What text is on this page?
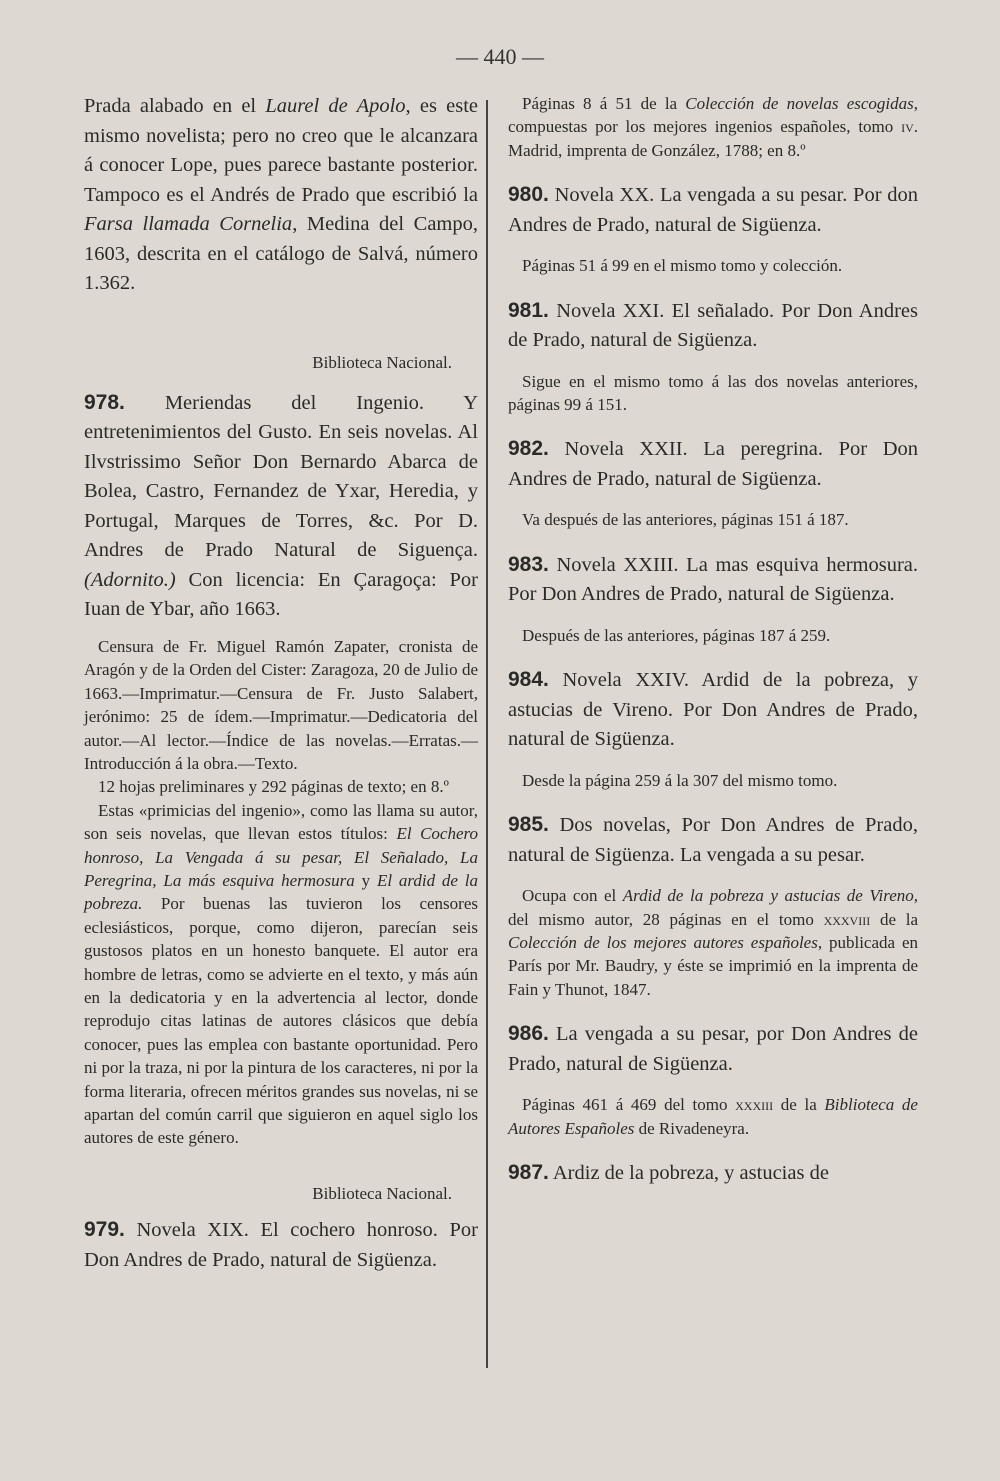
— 440 —

Prada alabado en el Laurel de Apolo, es este mismo novelista; pero no creo que le alcanzara á conocer Lope, pues parece bastante posterior. Tampoco es el Andrés de Prado que escribió la Farsa llamada Cornelia, Medina del Campo, 1603, descrita en el catálogo de Salvá, número 1.362.

Biblioteca Nacional.

978. Meriendas del Ingenio. Y entretenimientos del Gusto. En seis novelas. Al Ilvstrissimo Señor Don Bernardo Abarca de Bolea, Castro, Fernandez de Yxar, Heredia, y Portugal, Marques de Torres, &c. Por D. Andres de Prado Natural de Siguença. (Adornito.) Con licencia: En Çaragoça: Por Iuan de Ybar, año 1663.

Censura de Fr. Miguel Ramón Zapater, cronista de Aragón y de la Orden del Cister: Zaragoza, 20 de Julio de 1663.—Imprimatur.—Censura de Fr. Justo Salabert, jerónimo: 25 de ídem.—Imprimatur.—Dedicatoria del autor.—Al lector.—Índice de las novelas.—Erratas.—Introducción á la obra.—Texto.

12 hojas preliminares y 292 páginas de texto; en 8.º

Estas «primicias del ingenio», como las llama su autor, son seis novelas, que llevan estos títulos: El Cochero honroso, La Vengada á su pesar, El Señalado, La Peregrina, La más esquiva hermosura y El ardid de la pobreza. Por buenas las tuvieron los censores eclesiásticos, porque, como dijeron, parecían seis gustosos platos en un honesto banquete. El autor era hombre de letras, como se advierte en el texto, y más aún en la dedicatoria y en la advertencia al lector, donde reprodujo citas latinas de autores clásicos que debía conocer, pues las emplea con bastante oportunidad. Pero ni por la traza, ni por la pintura de los caracteres, ni por la forma literaria, ofrecen méritos grandes sus novelas, ni se apartan del común carril que siguieron en aquel siglo los autores de este género.

Biblioteca Nacional.

979. Novela XIX. El cochero honroso. Por Don Andres de Prado, natural de Sigüenza.

Páginas 8 á 51 de la Colección de novelas escogidas, compuestas por los mejores ingenios españoles, tomo iv. Madrid, imprenta de González, 1788; en 8.º

980. Novela XX. La vengada a su pesar. Por don Andres de Prado, natural de Sigüenza.

Páginas 51 á 99 en el mismo tomo y colección.

981. Novela XXI. El señalado. Por Don Andres de Prado, natural de Sigüenza.

Sigue en el mismo tomo á las dos novelas anteriores, páginas 99 á 151.

982. Novela XXII. La peregrina. Por Don Andres de Prado, natural de Sigüenza.

Va después de las anteriores, páginas 151 á 187.

983. Novela XXIII. La mas esquiva hermosura. Por Don Andres de Prado, natural de Sigüenza.

Después de las anteriores, páginas 187 á 259.

984. Novela XXIV. Ardid de la pobreza, y astucias de Vireno. Por Don Andres de Prado, natural de Sigüenza.

Desde la página 259 á la 307 del mismo tomo.

985. Dos novelas, Por Don Andres de Prado, natural de Sigüenza. La vengada a su pesar.

Ocupa con el Ardid de la pobreza y astucias de Vireno, del mismo autor, 28 páginas en el tomo xxxviii de la Colección de los mejores autores españoles, publicada en París por Mr. Baudry, y éste se imprimió en la imprenta de Fain y Thunot, 1847.

986. La vengada a su pesar, por Don Andres de Prado, natural de Sigüenza.

Páginas 461 á 469 del tomo xxxiii de la Biblioteca de Autores Españoles de Rivadeneyra.

987. Ardiz de la pobreza, y astucias de
